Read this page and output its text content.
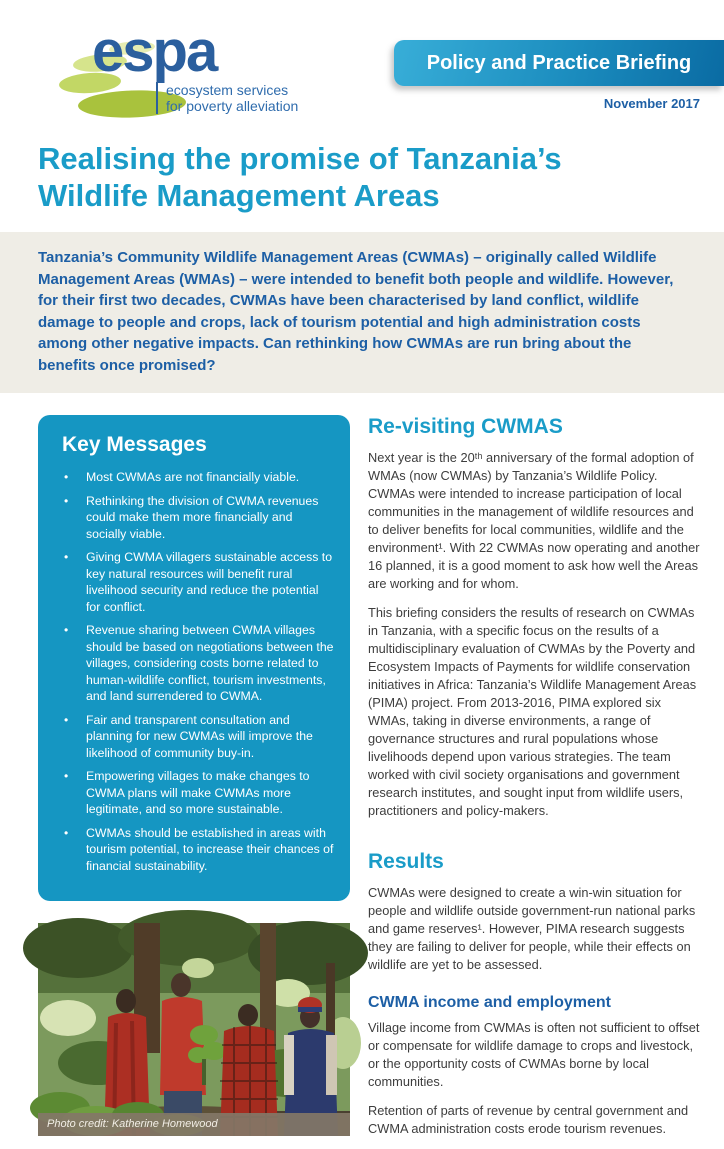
espa
ecosystem services
for poverty alleviation
Policy and Practice Briefing
November 2017
Realising the promise of Tanzania’s Wildlife Management Areas
Tanzania’s Community Wildlife Management Areas (CWMAs) – originally called Wildlife Management Areas (WMAs) – were intended to benefit both people and wildlife. However, for their first two decades, CWMAs have been characterised by land conflict, wildlife damage to people and crops, lack of tourism potential and high administration costs among other negative impacts. Can rethinking how CWMAs are run bring about the benefits once promised?
Key Messages
• Most CWMAs are not financially viable.
• Rethinking the division of CWMA revenues could make them more financially and socially viable.
• Giving CWMA villagers sustainable access to key natural resources will benefit rural livelihood security and reduce the potential for conflict.
• Revenue sharing between CWMA villages should be based on negotiations between the villages, considering costs borne related to human-wildlife conflict, tourism investments, and land surrendered to CWMA.
• Fair and transparent consultation and planning for new CWMAs will improve the likelihood of community buy-in.
• Empowering villages to make changes to CWMA plans will make CWMAs more legitimate, and so more sustainable.
• CWMAs should be established in areas with tourism potential, to increase their chances of financial sustainability.
Photo credit: Katherine Homewood
Re-visiting CWMAS

Next year is the 20ᵗʰ anniversary of the formal adoption of WMAs (now CWMAs) by Tanzania’s Wildlife Policy. CWMAs were intended to increase participation of local communities in the management of wildlife resources and to deliver benefits for local communities, wildlife and the environment¹. With 22 CWMAs now operating and another 16 planned, it is a good moment to ask how well the Areas are working and for whom.

This briefing considers the results of research on CWMAs in Tanzania, with a specific focus on the results of a multidisciplinary evaluation of CWMAs by the Poverty and Ecosystem Impacts of Payments for wildlife conservation initiatives in Africa: Tanzania’s Wildlife Management Areas (PIMA) project. From 2013-2016, PIMA explored six WMAs, taking in diverse environments, a range of governance structures and rural populations whose livelihoods depend upon various strategies. The team worked with civil society organisations and government research institutes, and sought input from wildlife users, practitioners and policy-makers.

Results

CWMAs were designed to create a win-win situation for people and wildlife outside government-run national parks and game reserves¹. However, PIMA research suggests they are failing to deliver for people, while their effects on wildlife are yet to be assessed.

CWMA income and employment

Village income from CWMAs is often not sufficient to offset or compensate for wildlife damage to crops and livestock, or the opportunity costs of CWMAs borne by local communities.

Retention of parts of revenue by central government and CWMA administration costs erode tourism revenues.
